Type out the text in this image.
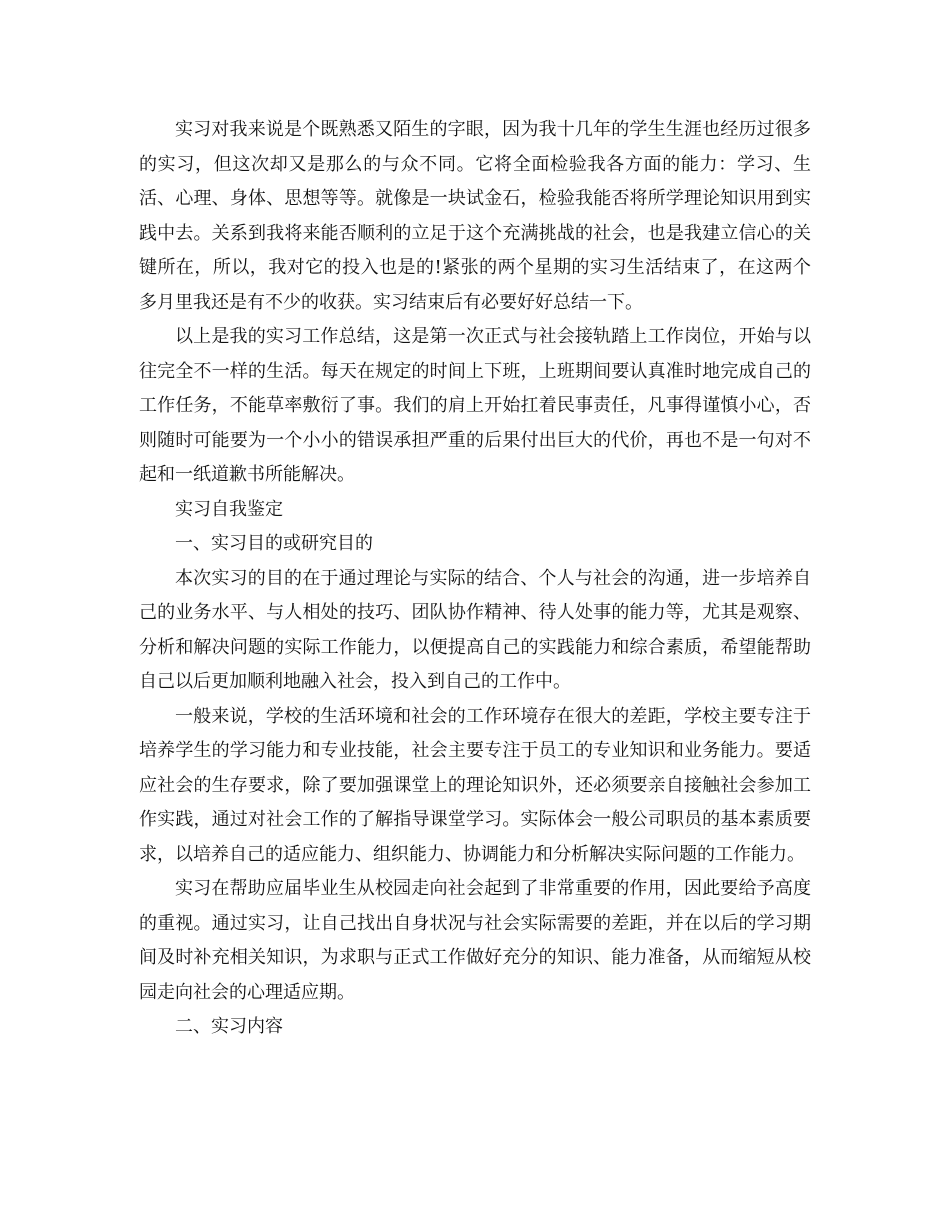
实习对我来说是个既熟悉又陌生的字眼，因为我十几年的学生生涯也经历过很多的实习，但这次却又是那么的与众不同。它将全面检验我各方面的能力：学习、生活、心理、身体、思想等等。就像是一块试金石，检验我能否将所学理论知识用到实践中去。关系到我将来能否顺利的立足于这个充满挑战的社会，也是我建立信心的关键所在，所以，我对它的投入也是的!紧张的两个星期的实习生活结束了，在这两个多月里我还是有不少的收获。实习结束后有必要好好总结一下。

以上是我的实习工作总结，这是第一次正式与社会接轨踏上工作岗位，开始与以往完全不一样的生活。每天在规定的时间上下班，上班期间要认真准时地完成自己的工作任务，不能草率敷衍了事。我们的肩上开始扛着民事责任，凡事得谨慎小心，否则随时可能要为一个小小的错误承担严重的后果付出巨大的代价，再也不是一句对不起和一纸道歉书所能解决。

实习自我鉴定

一、实习目的或研究目的

本次实习的目的在于通过理论与实际的结合、个人与社会的沟通，进一步培养自己的业务水平、与人相处的技巧、团队协作精神、待人处事的能力等，尤其是观察、分析和解决问题的实际工作能力，以便提高自己的实践能力和综合素质，希望能帮助自己以后更加顺利地融入社会，投入到自己的工作中。

一般来说，学校的生活环境和社会的工作环境存在很大的差距，学校主要专注于培养学生的学习能力和专业技能，社会主要专注于员工的专业知识和业务能力。要适应社会的生存要求，除了要加强课堂上的理论知识外，还必须要亲自接触社会参加工作实践，通过对社会工作的了解指导课堂学习。实际体会一般公司职员的基本素质要求，以培养自己的适应能力、组织能力、协调能力和分析解决实际问题的工作能力。

实习在帮助应届毕业生从校园走向社会起到了非常重要的作用，因此要给予高度的重视。通过实习，让自己找出自身状况与社会实际需要的差距，并在以后的学习期间及时补充相关知识，为求职与正式工作做好充分的知识、能力准备，从而缩短从校园走向社会的心理适应期。

二、实习内容
